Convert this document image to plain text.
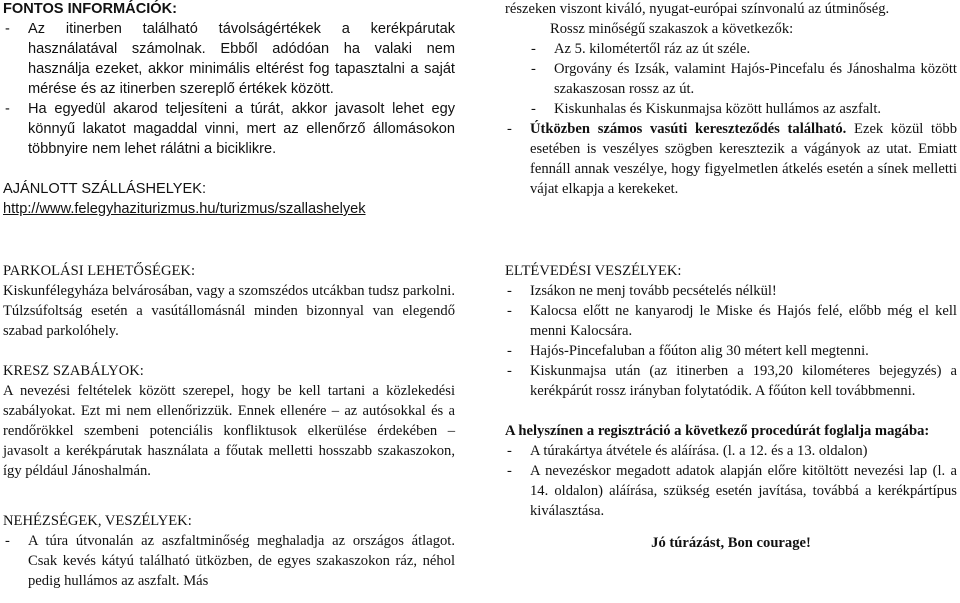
FONTOS INFORMÁCIÓK:
- Az itinerben található távolságértékek a kerékpárutak használatával számolnak. Ebből adódóan ha valaki nem használja ezeket, akkor minimális eltérést fog tapasztalni a saját mérése és az itinerben szereplő értékek között.
- Ha egyedül akarod teljesíteni a túrát, akkor javasolt lehet egy könnyű lakatot magaddal vinni, mert az ellenőrző állomásokon többnyire nem lehet rálátni a biciklikre.
AJÁNLOTT SZÁLLÁSHELYEK:
http://www.felegyhaziturizmus.hu/turizmus/szallashelyek

részeken viszont kiváló, nyugat-európai színvonalú az útminőség.

Rossz minőségű szakaszok a következők:
- Az 5. kilométertől ráz az út széle.
- Orgovány és Izsák, valamint Hajós-Pincefalu és Jánoshalma között szakaszosan rossz az út.
- Kiskunhalas és Kiskunmajsa között hullámos az aszfalt.
- Útközben számos vasúti kereszteződés található. Ezek közül több esetében is veszélyes szögben keresztezik a vágányok az utat. Emiatt fennáll annak veszélye, hogy figyelmetlen átkelés esetén a sínek melletti vájat elkapja a kerekeket.
PARKOLÁSI LEHETŐSÉGEK:

Kiskunfélegyháza belvárosában, vagy a szomszédos utcákban tudsz parkolni. Túlzsúfoltság esetén a vasútállomásnál minden bizonnyal van elegendő szabad parkolóhely.

KRESZ SZABÁLYOK:

A nevezési feltételek között szerepel, hogy be kell tartani a közlekedési szabályokat. Ezt mi nem ellenőrizzük. Ennek ellenére – az autósokkal és a rendőrökkel szembeni potenciális konfliktusok elkerülése érdekében – javasolt a kerékpárutak használata a főutak melletti hosszabb szakaszokon, így például Jánoshalmán.

NEHÉZSÉGEK, VESZÉLYEK:
- A túra útvonalán az aszfaltminőség meghaladja az országos átlagot. Csak kevés kátyú található ütközben, de egyes szakaszokon ráz, néhol pedig hullámos az aszfalt. Más
ELTÉVEDÉSI VESZÉLYEK:
- Izsákon ne menj tovább pecsételés nélkül!
- Kalocsa előtt ne kanyarodj le Miske és Hajós felé, előbb még el kell menni Kalocsára.
- Hajós-Pincefaluban a főúton alig 30 métert kell megtenni.
- Kiskunmajsa után (az itinerben a 193,20 kilométeres bejegyzés) a kerékpárút rossz irányban folytatódik. A főúton kell továbbmenni.

A helyszínen a regisztráció a következő procedúrát foglalja magába:

- A túrakártya átvétele és aláírása. (l. a 12. és a 13. oldalon)
- A nevezéskor megadott adatok alapján előre kitöltött nevezési lap (l. a 14. oldalon) aláírása, szükség esetén javítása, továbbá a kerékpártípus kiválasztása.
Jó túrázást, Bon courage!
